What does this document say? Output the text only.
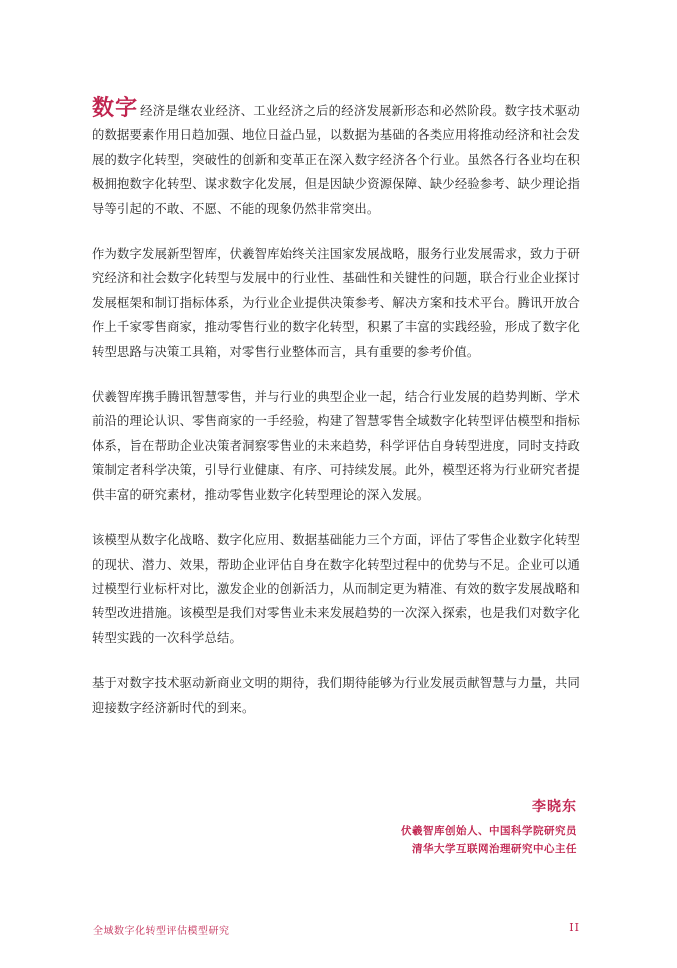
数字 经济是继农业经济、工业经济之后的经济发展新形态和必然阶段。数字技术驱动的数据要素作用日趋加强、地位日益凸显，以数据为基础的各类应用将推动经济和社会发展的数字化转型，突破性的创新和变革正在深入数字经济各个行业。虽然各行各业均在积极拥抱数字化转型、谋求数字化发展，但是因缺少资源保障、缺少经验参考、缺少理论指导等引起的不敢、不愿、不能的现象仍然非常突出。

作为数字发展新型智库，伏羲智库始终关注国家发展战略，服务行业发展需求，致力于研究经济和社会数字化转型与发展中的行业性、基础性和关键性的问题，联合行业企业探讨发展框架和制订指标体系，为行业企业提供决策参考、解决方案和技术平台。腾讯开放合作上千家零售商家，推动零售行业的数字化转型，积累了丰富的实践经验，形成了数字化转型思路与决策工具箱，对零售行业整体而言，具有重要的参考价值。

伏羲智库携手腾讯智慧零售，并与行业的典型企业一起，结合行业发展的趋势判断、学术前沿的理论认识、零售商家的一手经验，构建了智慧零售全域数字化转型评估模型和指标体系，旨在帮助企业决策者洞察零售业的未来趋势，科学评估自身转型进度，同时支持政策制定者科学决策，引导行业健康、有序、可持续发展。此外，模型还将为行业研究者提供丰富的研究素材，推动零售业数字化转型理论的深入发展。

该模型从数字化战略、数字化应用、数据基础能力三个方面，评估了零售企业数字化转型的现状、潜力、效果，帮助企业评估自身在数字化转型过程中的优势与不足。企业可以通过模型行业标杆对比，激发企业的创新活力，从而制定更为精准、有效的数字发展战略和转型改进措施。该模型是我们对零售业未来发展趋势的一次深入探索，也是我们对数字化转型实践的一次科学总结。

基于对数字技术驱动新商业文明的期待，我们期待能够为行业发展贡献智慧与力量，共同迎接数字经济新时代的到来。

李晓东
伏羲智库创始人、中国科学院研究员
清华大学互联网治理研究中心主任
全域数字化转型评估模型研究	II
